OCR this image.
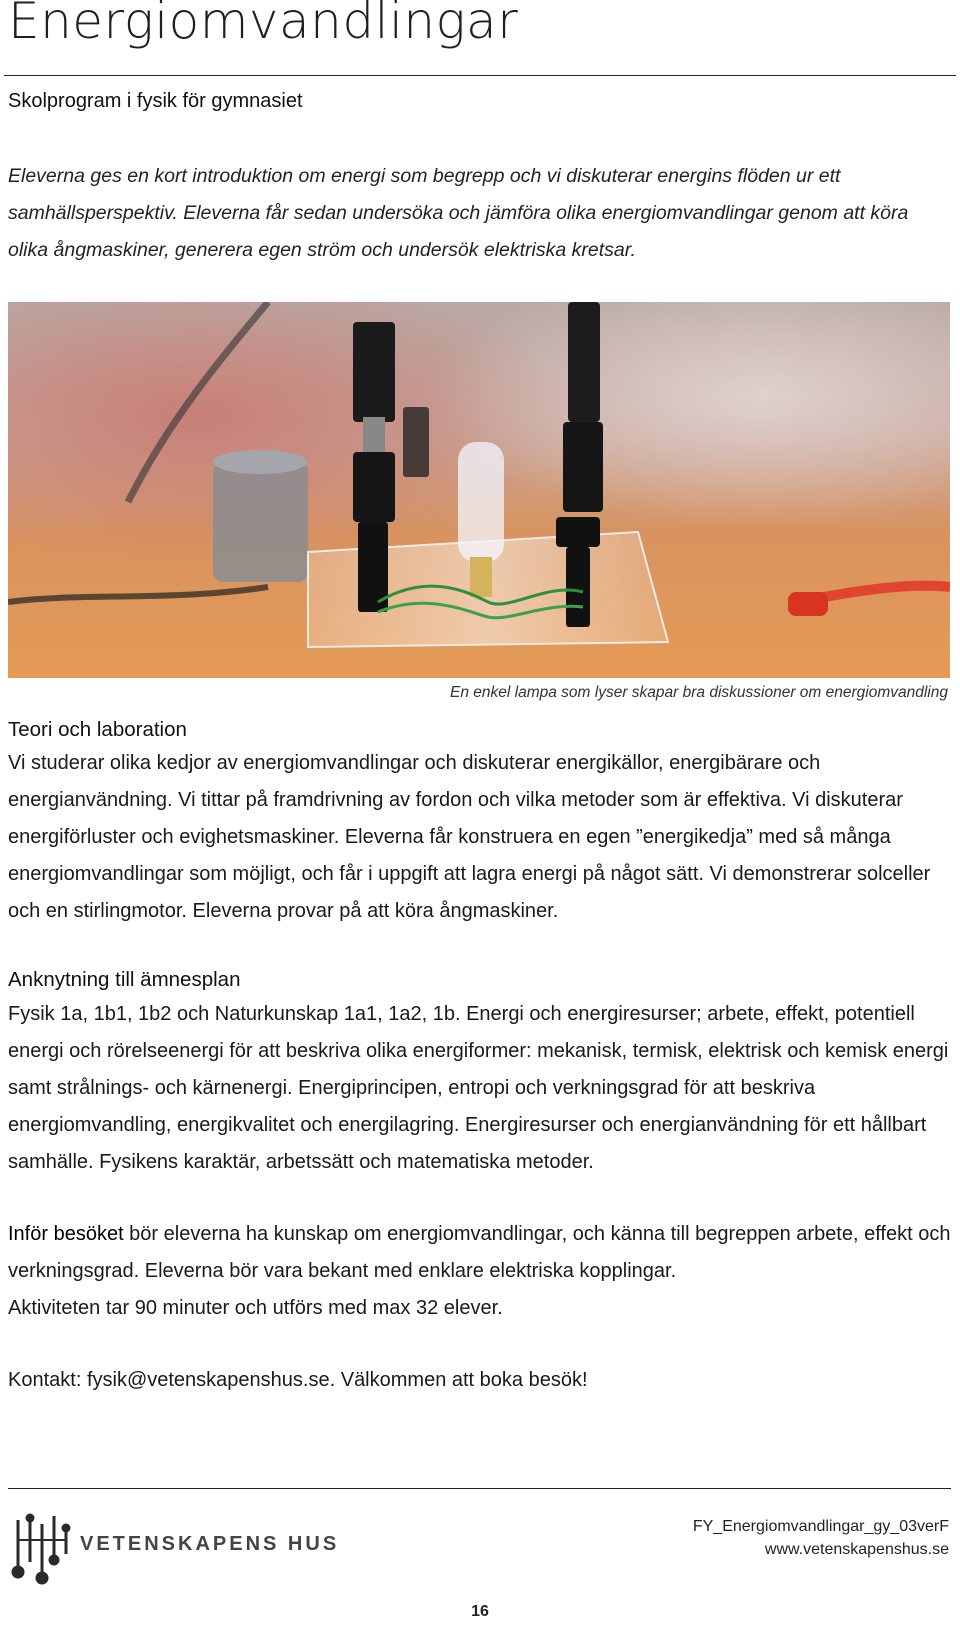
Energiomvandlingar
Skolprogram i fysik för gymnasiet
Eleverna ges en kort introduktion om energi som begrepp och vi diskuterar energins flöden ur ett samhällsperspektiv. Eleverna får sedan undersöka och jämföra olika energiomvandlingar genom att köra olika ångmaskiner, generera egen ström och undersök elektriska kretsar.
En enkel lampa som lyser skapar bra diskussioner om energiomvandling
Teori och laboration
Vi studerar olika kedjor av energiomvandlingar och diskuterar energikällor, energibärare och energianvändning. Vi tittar på framdrivning av fordon och vilka metoder som är effektiva. Vi diskuterar energiförluster och evighetsmaskiner. Eleverna får konstruera en egen ”energikedja” med så många energiomvandlingar som möjligt, och får i uppgift att lagra energi på något sätt. Vi demonstrerar solceller och en stirlingmotor. Eleverna provar på att köra ångmaskiner.
Anknytning till ämnesplan
Fysik 1a, 1b1, 1b2 och Naturkunskap 1a1, 1a2, 1b. Energi och energiresurser; arbete, effekt, potentiell energi och rörelseenergi för att beskriva olika energiformer: mekanisk, termisk, elektrisk och kemisk energi samt strålnings- och kärnenergi. Energiprincipen, entropi och verkningsgrad för att beskriva energiomvandling, energikvalitet och energilagring. Energiresurser och energianvändning för ett hållbart samhälle. Fysikens karaktär, arbetssätt och matematiska metoder.
Inför besöket bör eleverna ha kunskap om energiomvandlingar, och känna till begreppen arbete, effekt och verkningsgrad. Eleverna bör vara bekant med enklare elektriska kopplingar.
Aktiviteten tar 90 minuter och utförs med max 32 elever.
Kontakt: fysik@vetenskapenshus.se. Välkommen att boka besök!
VETENSKAPENS HUS
FY_Energiomvandlingar_gy_03verF
www.vetenskapenshus.se
16
